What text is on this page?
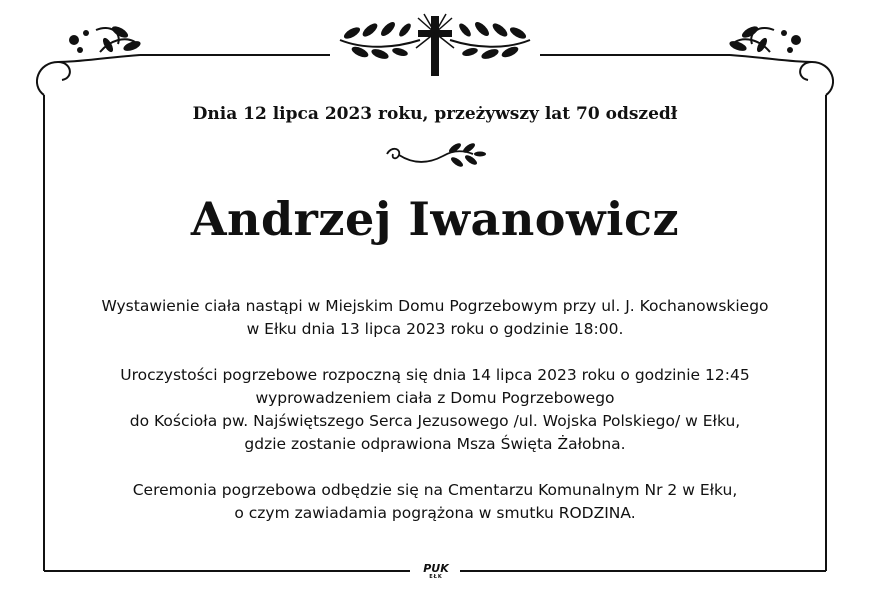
Dnia 12 lipca 2023 roku, przeżywszy lat 70 odszedł
Andrzej Iwanowicz

Wystawienie ciała nastąpi w Miejskim Domu Pogrzebowym przy ul. J. Kochanowskiego
w Ełku dnia 13 lipca 2023 roku o godzinie 18:00.

Uroczystości pogrzebowe rozpoczną się dnia 14 lipca 2023 roku o godzinie 12:45
wyprowadzeniem ciała z Domu Pogrzebowego
do Kościoła pw. Najświętszego Serca Jezusowego /ul. Wojska Polskiego/ w Ełku,
gdzie zostanie odprawiona Msza Święta Żałobna.

Ceremonia pogrzebowa odbędzie się na Cmentarzu Komunalnym Nr 2 w Ełku,
o czym zawiadamia pogrążona w smutku RODZINA.

PUK
EŁK
